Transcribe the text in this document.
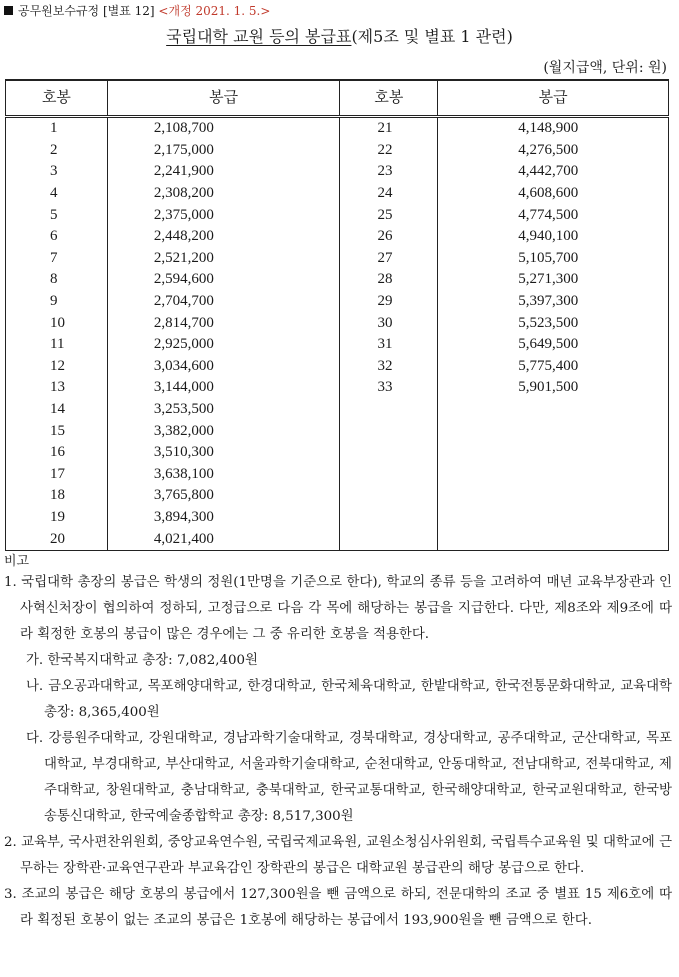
공무원보수규정 [별표 12] <개정 2021. 1. 5.>
국립대학 교원 등의 봉급표(제5조 및 별표 1 관련)
(월지급액, 단위: 원)
호봉	봉급	호봉	봉급
1	2,108,700	21	4,148,900
2	2,175,000	22	4,276,500
3	2,241,900	23	4,442,700
4	2,308,200	24	4,608,600
5	2,375,000	25	4,774,500
6	2,448,200	26	4,940,100
7	2,521,200	27	5,105,700
8	2,594,600	28	5,271,300
9	2,704,700	29	5,397,300
10	2,814,700	30	5,523,500
11	2,925,000	31	5,649,500
12	3,034,600	32	5,775,400
13	3,144,000	33	5,901,500
14	3,253,500		
15	3,382,000		
16	3,510,300		
17	3,638,100		
18	3,765,800		
19	3,894,300		
20	4,021,400		
비고
1. 국립대학 총장의 봉급은 학생의 정원(1만명을 기준으로 한다), 학교의 종류 등을 고려하여 매년 교육부장관과 인사혁신처장이 협의하여 정하되, 고정급으로 다음 각 목에 해당하는 봉급을 지급한다. 다만, 제8조와 제9조에 따라 획정한 호봉의 봉급이 많은 경우에는 그 중 유리한 호봉을 적용한다.
가. 한국복지대학교 총장: 7,082,400원
나. 금오공과대학교, 목포해양대학교, 한경대학교, 한국체육대학교, 한밭대학교, 한국전통문화대학교, 교육대학 총장: 8,365,400원
다. 강릉원주대학교, 강원대학교, 경남과학기술대학교, 경북대학교, 경상대학교, 공주대학교, 군산대학교, 목포대학교, 부경대학교, 부산대학교, 서울과학기술대학교, 순천대학교, 안동대학교, 전남대학교, 전북대학교, 제주대학교, 창원대학교, 충남대학교, 충북대학교, 한국교통대학교, 한국해양대학교, 한국교원대학교, 한국방송통신대학교, 한국예술종합학교 총장: 8,517,300원
2. 교육부, 국사편찬위원회, 중앙교육연수원, 국립국제교육원, 교원소청심사위원회, 국립특수교육원 및 대학교에 근무하는 장학관·교육연구관과 부교육감인 장학관의 봉급은 대학교원 봉급관의 해당 봉급으로 한다.
3. 조교의 봉급은 해당 호봉의 봉급에서 127,300원을 뺀 금액으로 하되, 전문대학의 조교 중 별표 15 제6호에 따라 획정된 호봉이 없는 조교의 봉급은 1호봉에 해당하는 봉급에서 193,900원을 뺀 금액으로 한다.
